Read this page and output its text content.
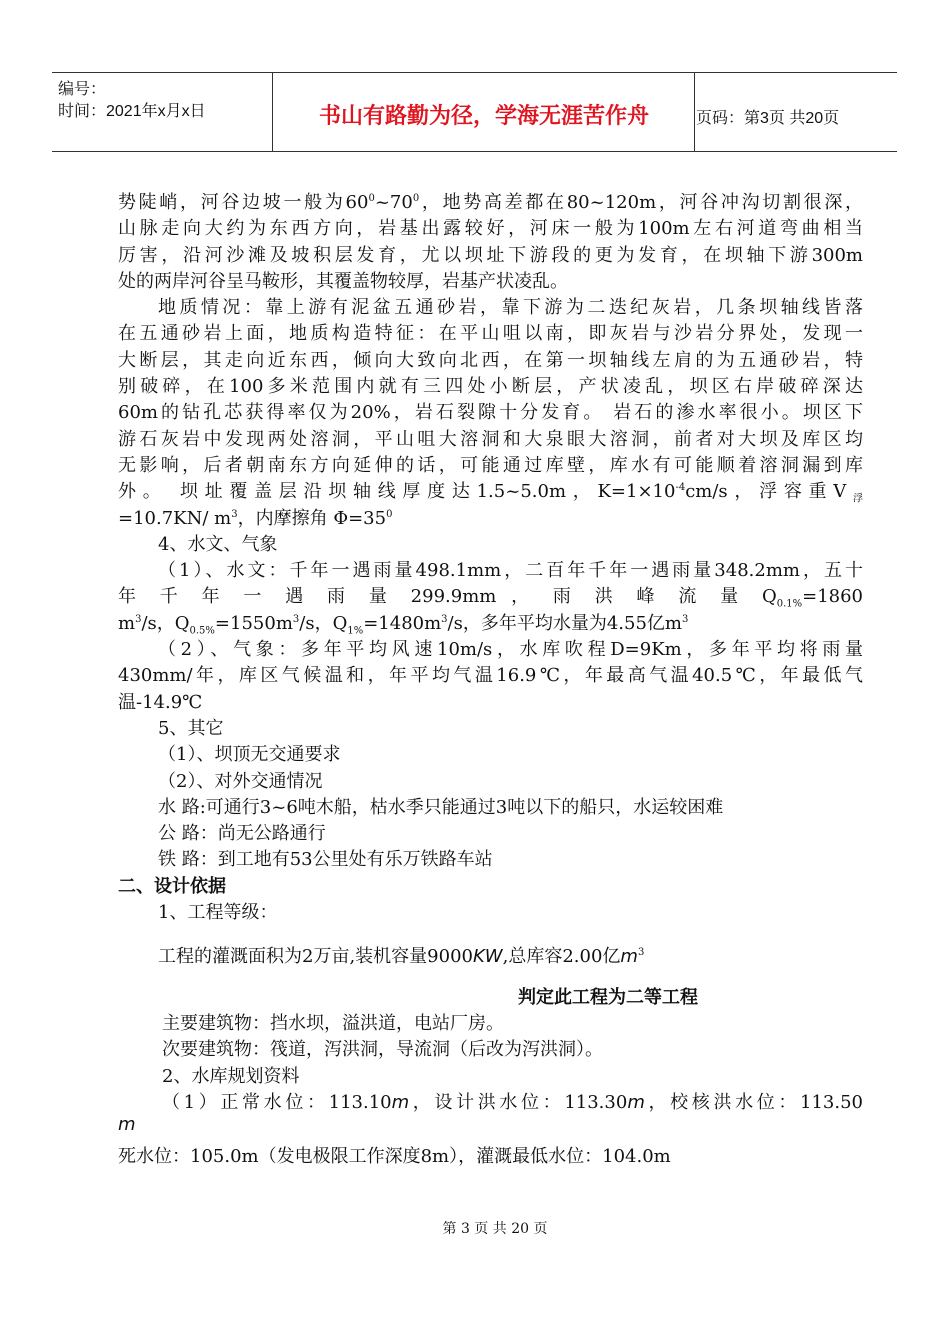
编号：
时间：2021年x月x日	书山有路勤为径，学海无涯苦作舟	页码：第3页 共20页
势陡峭，河谷边坡一般为$60^0\sim 70^0$，地势高差都在80~120m，河谷冲沟切割很深，
山脉走向大约为东西方向，岩基出露较好，河床一般为100m左右河道弯曲相当
厉害，沿河沙滩及坡积层发育，尤以坝址下游段的更为发育，在坝轴下游300m
处的两岸河谷呈马鞍形，其覆盖物较厚，岩基产状凌乱。
地质情况：靠上游有泥盆五通砂岩，靠下游为二迭纪灰岩，几条坝轴线皆落
在五通砂岩上面，地质构造特征：在平山咀以南，即灰岩与沙岩分界处，发现一
大断层，其走向近东西，倾向大致向北西，在第一坝轴线左肩的为五通砂岩，特
别破碎，在100多米范围内就有三四处小断层，产状凌乱，坝区右岸破碎深达
60m的钻孔芯获得率仅为20%，岩石裂隙十分发育。 岩石的渗水率很小。坝区下
游石灰岩中发现两处溶洞，平山咀大溶洞和大泉眼大溶洞，前者对大坝及库区均
无影响，后者朝南东方向延伸的话，可能通过库壁，库水有可能顺着溶洞漏到库
外。 坝址覆盖层沿坝轴线厚度达1.5~5.0m，$K=1\times 10^{-4}cm/s$，浮容重$V_浮$
=10.7KN/ $m^3$，内摩擦角 $\Phi=35^0$
4、水文、气象
（1）、水文：千年一遇雨量498.1mm，二百年千年一遇雨量348.2mm，五十
年 千 年 一 遇 雨 量 299.9mm ， 雨 洪 峰 流 量 $Q_{0.1\%}=1860$
$m^3/s$，$Q_{0.5\%}=1550m^3/s$，$Q_{1\%}=1480m^3/s$，多年平均水量为4.55亿$m^3$
（2）、气象：多年平均风速10m/s，水库吹程D=9Km，多年平均将雨量
430mm/年，库区气候温和，年平均气温16.9℃，年最高气温40.5℃，年最低气
温-14.9℃
5、其它
（1）、坝顶无交通要求
（2）、对外交通情况
水 路:可通行3~6吨木船，枯水季只能通过3吨以下的船只，水运较困难
公 路：尚无公路通行
铁 路：到工地有53公里处有乐万铁路车站
二、设计依据
1、工程等级：
工程的灌溉面积为2万亩,装机容量9000KW,总库容2.00亿$m^3$
判定此工程为二等工程
主要建筑物：挡水坝，溢洪道，电站厂房。
次要建筑物：筏道，泻洪洞，导流洞（后改为泻洪洞）。
2、水库规划资料
（1）正常水位：113.10m，设计洪水位：113.30m，校核洪水位：113.50
m
死水位：105.0m（发电极限工作深度8m），灌溉最低水位：104.0m
第 3 页 共 20 页
